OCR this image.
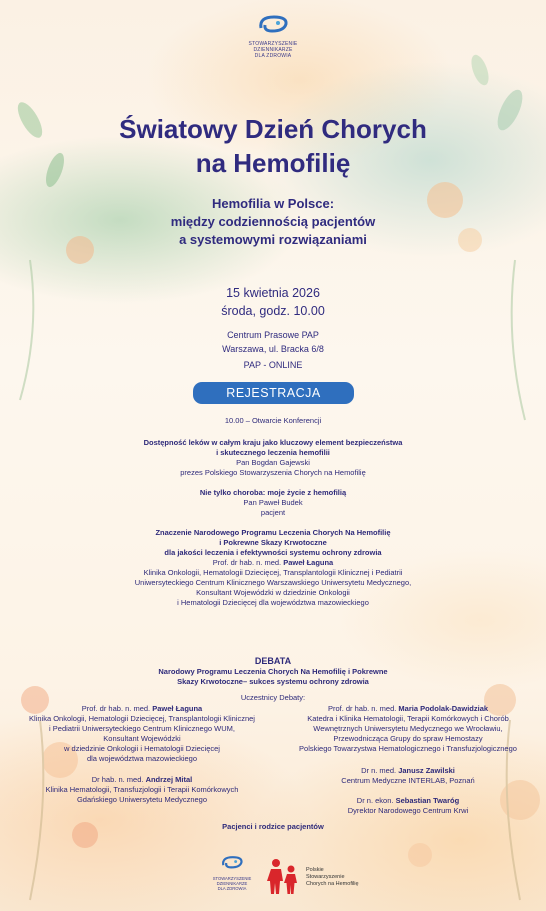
STOWARZYSZENIE
DZIENNIKARZE
DLA ZDROWIA
Światowy Dzień Chorych
na Hemofilię
Hemofilia w Polsce:
między codziennością pacjentów
a systemowymi rozwiązaniami
15 kwietnia 2026
środa, godz. 10.00
Centrum Prasowe PAP
Warszawa, ul. Bracka 6/8
PAP - ONLINE
REJESTRACJA
10.00 – Otwarcie Konferencji
Dostępność leków w całym kraju jako kluczowy element bezpieczeństwa
i skutecznego leczenia hemofilii
Pan Bogdan Gajewski
prezes Polskiego Stowarzyszenia Chorych na Hemofilię
Nie tylko choroba: moje życie z hemofilią
Pan Paweł Budek
pacjent
Znaczenie Narodowego Programu Leczenia Chorych Na Hemofilię
i Pokrewne Skazy Krwotoczne
dla jakości leczenia i efektywności systemu ochrony zdrowia
Prof. dr hab. n. med. Paweł Łaguna
Klinika Onkologii, Hematologii Dziecięcej, Transplantologii Klinicznej i Pediatrii
Uniwersyteckiego Centrum Klinicznego Warszawskiego Uniwersytetu Medycznego,
Konsultant Wojewódzki w dziedzinie Onkologii
i Hematologii Dziecięcej dla województwa mazowieckiego
DEBATA
Narodowy Programu Leczenia Chorych Na Hemofilię i Pokrewne
Skazy Krwotoczne– sukces systemu ochrony zdrowia
Uczestnicy Debaty:
Prof. dr hab. n. med. Paweł Łaguna
Klinika Onkologii, Hematologii Dziecięcej, Transplantologii Klinicznej
i Pediatrii Uniwersyteckiego Centrum Klinicznego WUM,
Konsultant Wojewódzki
w dziedzinie Onkologii i Hematologii Dziecięcej
dla województwa mazowieckiego
Dr hab. n. med. Andrzej Mital
Klinika Hematologii, Transfuzjologii i Terapii Komórkowych
Gdańskiego Uniwersytetu Medycznego
Prof. dr hab. n. med. Maria Podolak-Dawidziak
Katedra i Klinika Hematologii, Terapii Komórkowych i Chorób
Wewnętrznych Uniwersytetu Medycznego we Wrocławiu,
Przewodnicząca Grupy do spraw Hemostazy
Polskiego Towarzystwa Hematologicznego i Transfuzjologicznego
Dr n. med. Janusz Zawilski
Centrum Medyczne INTERLAB, Poznań
Dr n. ekon. Sebastian Twaróg
Dyrektor Narodowego Centrum Krwi
Pacjenci i rodzice pacjentów
STOWARZYSZENIE
DZIENNIKARZE
DLA ZDROWIA
Polskie Stowarzyszenie
Chorych na Hemofilię
